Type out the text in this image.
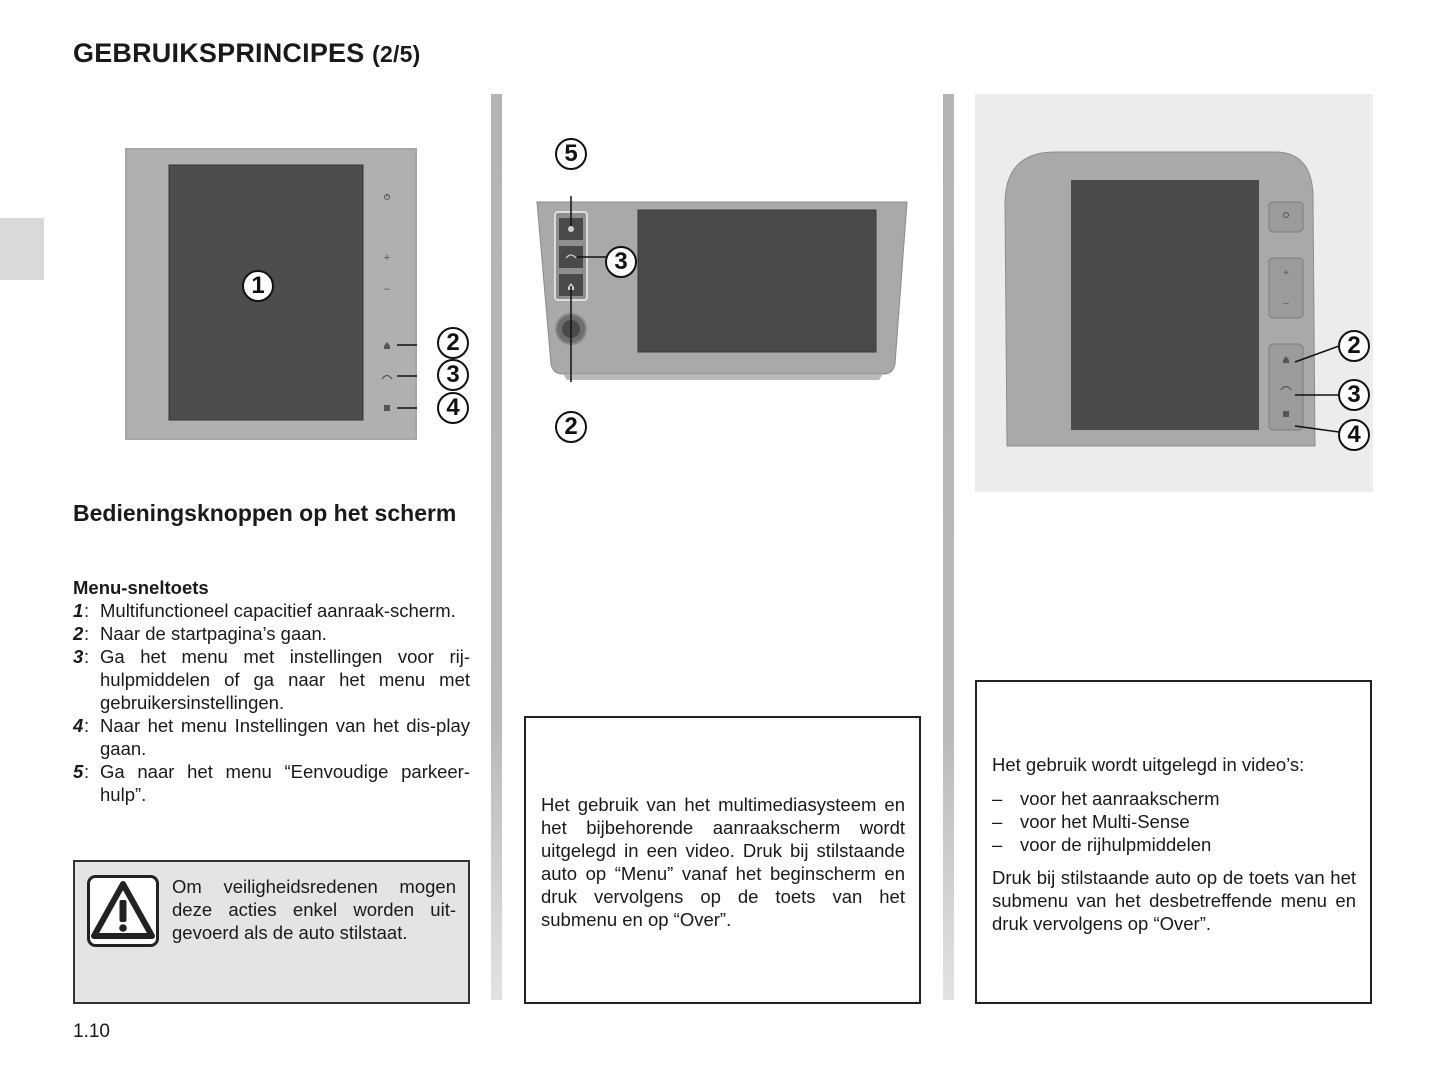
GEBRUIKSPRINCIPES (2/5)
+
–
1
2
3
4
5
3
2
+
–
2
3
4
Bedieningsknoppen op het scherm
Menu-sneltoets
1 : Multifunctioneel capacitief aanraak-scherm.
2 : Naar de startpagina’s gaan.
3 : Ga het menu met instellingen voor rij-hulpmiddelen of ga naar het menu met gebruikersinstellingen.
4 : Naar het menu Instellingen van het dis-play gaan.
5 : Ga naar het menu “Eenvoudige parkeer-hulp”.
Om veiligheidsredenen mogen deze acties enkel worden uit-gevoerd als de auto stilstaat.
Het gebruik van het multimediasysteem en het bijbehorende aanraakscherm wordt uitgelegd in een video. Druk bij stilstaande auto op “Menu” vanaf het beginscherm en druk vervolgens op de toets van het submenu en op “Over”.
Het gebruik wordt uitgelegd in video’s:
– voor het aanraakscherm
– voor het Multi-Sense
– voor de rijhulpmiddelen
Druk bij stilstaande auto op de toets van het submenu van het desbetreffende menu en druk vervolgens op “Over”.
1.10
